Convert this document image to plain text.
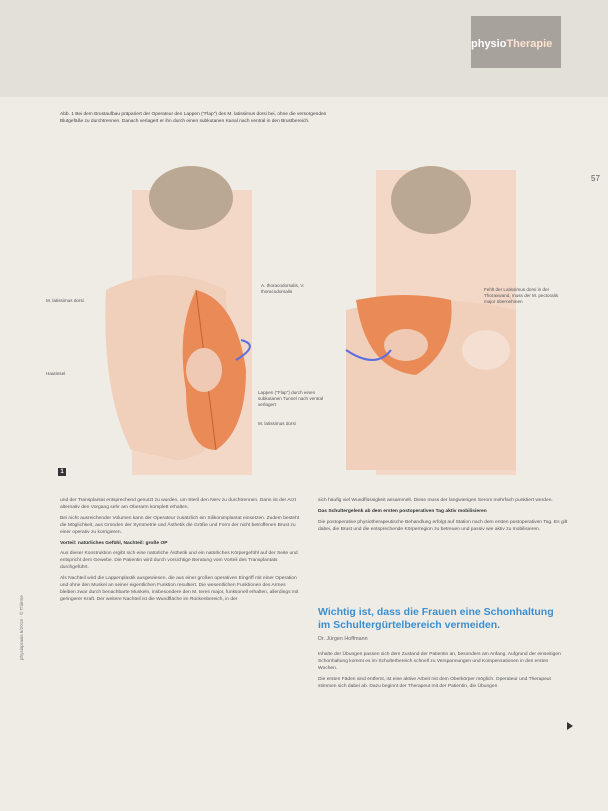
physioTherapie
57
Abb. 1 Bei dem Brustaufbau präpariert der Operateur den Lappen ("Flap") des M. latissimus dorsi bei, ohne die versorgenden Blutgefäße zu durchtrennen. Danach verlagert er ihn durch einen subkutanen Kanal nach ventral in den Brustbereich.
A. thoracodorsalis, V. thoracodorsalis
M. latissimus dorsi
Hautinsel
Lappen ("Flap") durch einen subkutanen Tunnel nach ventral verlagert
M. latissimus dorsi
Fehlt der Latissimus dorsi in der Thoraxwand, muss der M. pectoralis major übernehmen
1

und der Transplantat entsprechend genutzt zu wurden, um Steril den Nerv zu durchtrennen. Dann ist der Arzt alternativ den Vorgang sehr am Oberarm komplett erhalten.

Bei nicht ausreichender Volumen kann der Operateur zusätzlich ein Silikonimplantat einsetzen. Zudem besteht die Möglichkeit, aus Gründen der Symmetrie und Ästhetik die Größe und Form der nicht betroffenen Brust zu einer operativ zu korrigieren.

Vorteil: natürliches Gefühl, Nachteil: große OP

Aus dieser Konstruktion ergibt sich eine natürliche Ästhetik und ein natürliches Körpergefühl auf der Seite und entspricht dem Gewebe. Die Patientin wird durch vorsichtige Beratung vom Vorteil des Transplantats durchgeführt.

Als Nachteil wird die Lappenplastik ausgewiesen, die aus einer großen operativen Eingriff mit einer Operation und ohne den Muskel an seiner eigentlichen Funktion resultiert. Die wesentlichen Funktionen des Armes bleiben zwar durch benachbarte Muskeln, insbesondere den M. teres major, funktionell erhalten, allerdings mit geringerer Kraft. Der weitere Nachteil ist die Wundfläche im Rückenbereich, in der

sich häufig viel Wundflüssigkeit ansammelt. Diese muss der langwierigen Serom mehrfach punktiert werden.

Das Schultergelenk ab dem ersten postoperativen Tag aktiv mobilisieren

Die postoperative physiotherapeutische Behandlung erfolgt auf Station nach dem ersten postoperativen Tag. Es gilt dabei, die Brust und die entsprechende Körperregion zu betreuen und passiv wie aktiv zu mobilisieren.

Wichtig ist, dass die Frauen eine Schonhaltung im Schultergürtelbereich vermeiden.
Dr. Jürgen Hoffmann

Inhalte der Übungen passen sich dem Zustand der Patientin an, besonders am Anfang. Aufgrund der einseitigen Schonhaltung kommt es im Schulterbereich schnell zu Verspannungen und Kompensationen in den ersten Wochen.

Die ersten Fäden sind entfernt, ist eine aktive Arbeit mit dem Oberkörper möglich. Operateur und Therapeut stimmen sich dabei ab. Dazu beginnt der Therapeut mit der Patientin, die Übungen

physiopraxis 6/2019 · © Thieme
